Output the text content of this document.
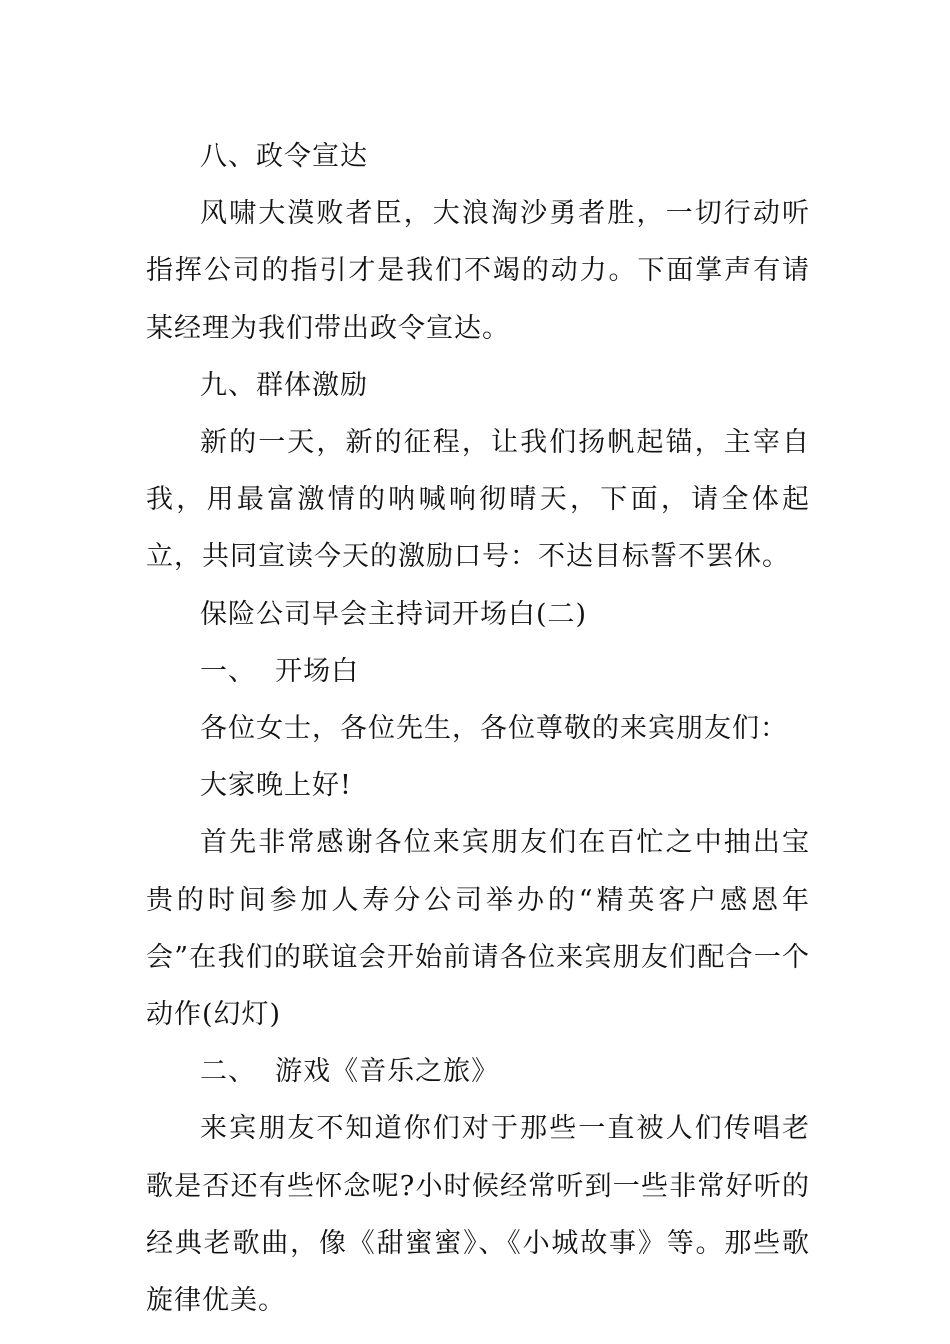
八、政令宣达

风啸大漠败者臣，大浪淘沙勇者胜，一切行动听指挥公司的指引才是我们不竭的动力。下面掌声有请某经理为我们带出政令宣达。

九、群体激励

新的一天，新的征程，让我们扬帆起锚，主宰自我，用最富激情的呐喊响彻晴天，下面，请全体起立，共同宣读今天的激励口号：不达目标誓不罢休。

保险公司早会主持词开场白(二)

一、  开场白

各位女士，各位先生，各位尊敬的来宾朋友们：

大家晚上好!

首先非常感谢各位来宾朋友们在百忙之中抽出宝贵的时间参加人寿分公司举办的“精英客户感恩年会”在我们的联谊会开始前请各位来宾朋友们配合一个动作(幻灯)

二、  游戏《音乐之旅》

来宾朋友不知道你们对于那些一直被人们传唱老歌是否还有些怀念呢?小时候经常听到一些非常好听的经典老歌曲，像《甜蜜蜜》、《小城故事》等。那些歌旋律优美。
